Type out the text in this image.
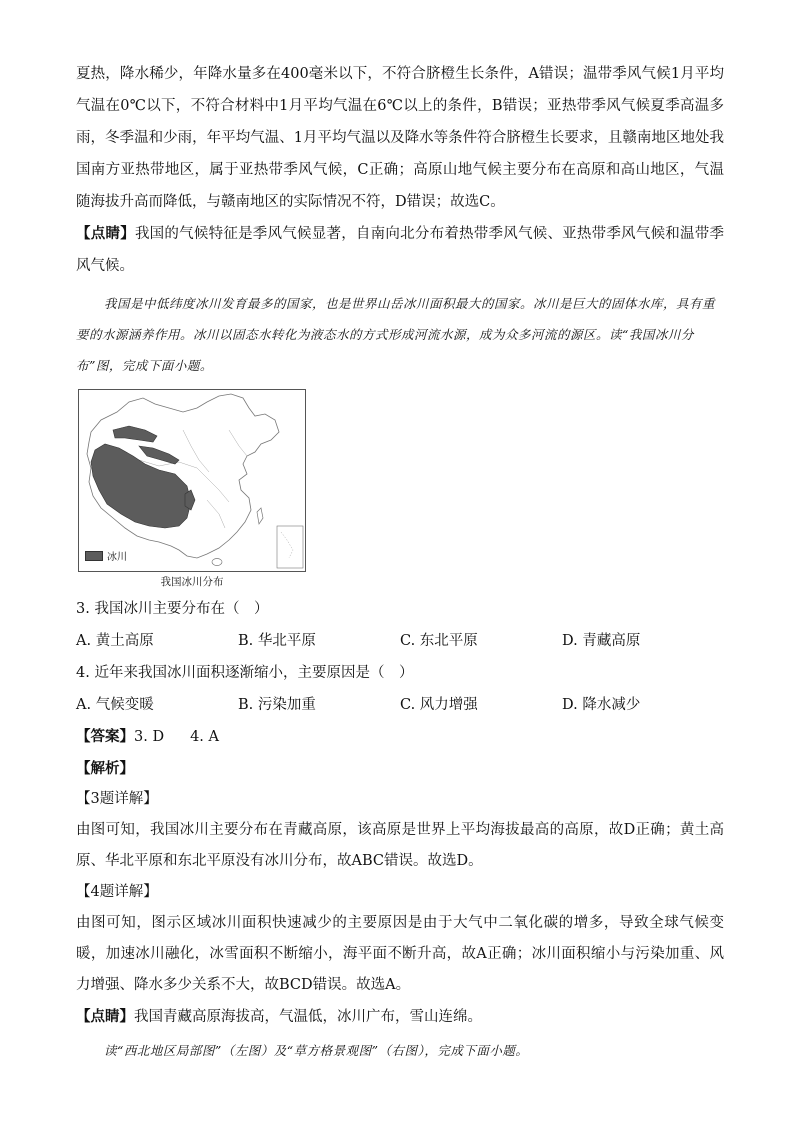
夏热，降水稀少，年降水量多在400毫米以下，不符合脐橙生长条件，A错误；温带季风气候1月平均气温在0℃以下，不符合材料中1月平均气温在6℃以上的条件，B错误；亚热带季风气候夏季高温多雨，冬季温和少雨，年平均气温、1月平均气温以及降水等条件符合脐橙生长要求，且赣南地区地处我国南方亚热带地区，属于亚热带季风气候，C正确；高原山地气候主要分布在高原和高山地区，气温随海拔升高而降低，与赣南地区的实际情况不符，D错误；故选C。

【点睛】我国的气候特征是季风气候显著，自南向北分布着热带季风气候、亚热带季风气候和温带季风气候。

我国是中低纬度冰川发育最多的国家，也是世界山岳冰川面积最大的国家。冰川是巨大的固体水库，具有重要的水源涵养作用。冰川以固态水转化为液态水的方式形成河流水源，成为众多河流的源区。读“我国冰川分布”图，完成下面小题。

冰川
我国冰川分布

3. 我国冰川主要分布在（　）

A. 黄土高原	B. 华北平原	C. 东北平原	D. 青藏高原

4. 近年来我国冰川面积逐渐缩小，主要原因是（　）

A. 气候变暖	B. 污染加重	C. 风力增强	D. 降水减少

【答案】3. D 4. A

【解析】

【3题详解】

由图可知，我国冰川主要分布在青藏高原，该高原是世界上平均海拔最高的高原，故D正确；黄土高原、华北平原和东北平原没有冰川分布，故ABC错误。故选D。

【4题详解】

由图可知，图示区域冰川面积快速减少的主要原因是由于大气中二氧化碳的增多，导致全球气候变暖，加速冰川融化，冰雪面积不断缩小，海平面不断升高，故A正确；冰川面积缩小与污染加重、风力增强、降水多少关系不大，故BCD错误。故选A。

【点睛】我国青藏高原海拔高，气温低，冰川广布，雪山连绵。

读“西北地区局部图”（左图）及“草方格景观图”（右图），完成下面小题。
